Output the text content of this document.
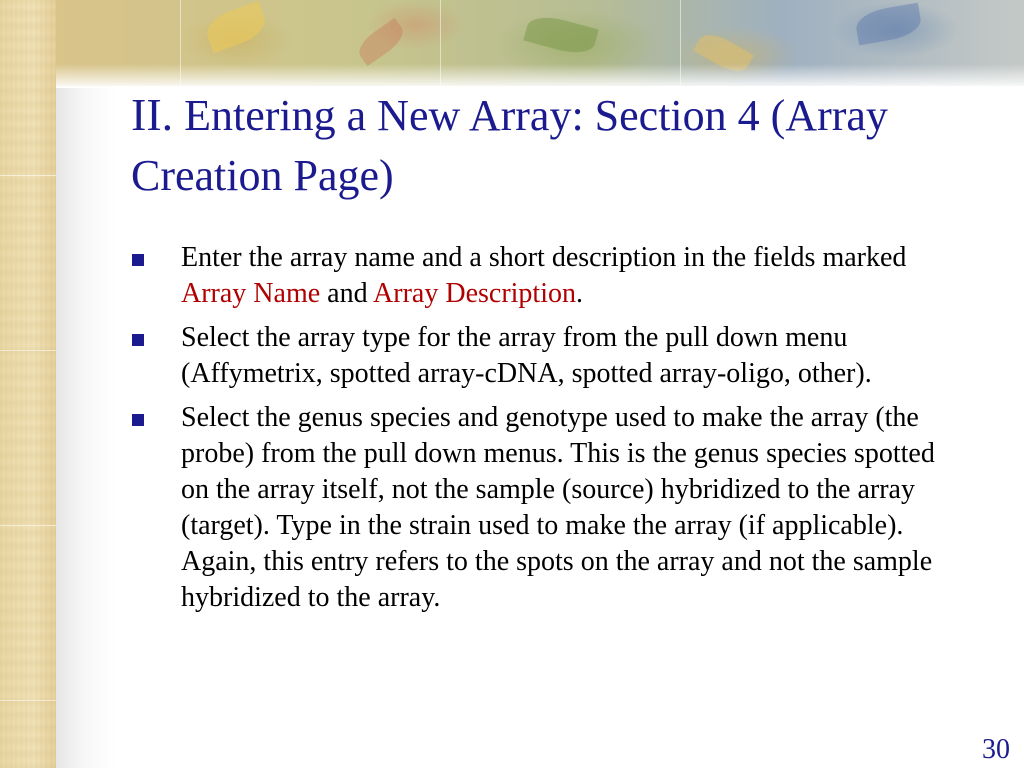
II. Entering a New Array: Section 4 (Array Creation Page)
Enter the array name and a short description in the fields marked Array Name and Array Description.
Select the array type for the array from the pull down menu (Affymetrix, spotted array-cDNA, spotted array-oligo, other).
Select the genus species and genotype used to make the array (the probe) from the pull down menus. This is the genus species spotted on the array itself, not the sample (source) hybridized to the array (target). Type in the strain used to make the array (if applicable). Again, this entry refers to the spots on the array and not the sample hybridized to the array.
30
